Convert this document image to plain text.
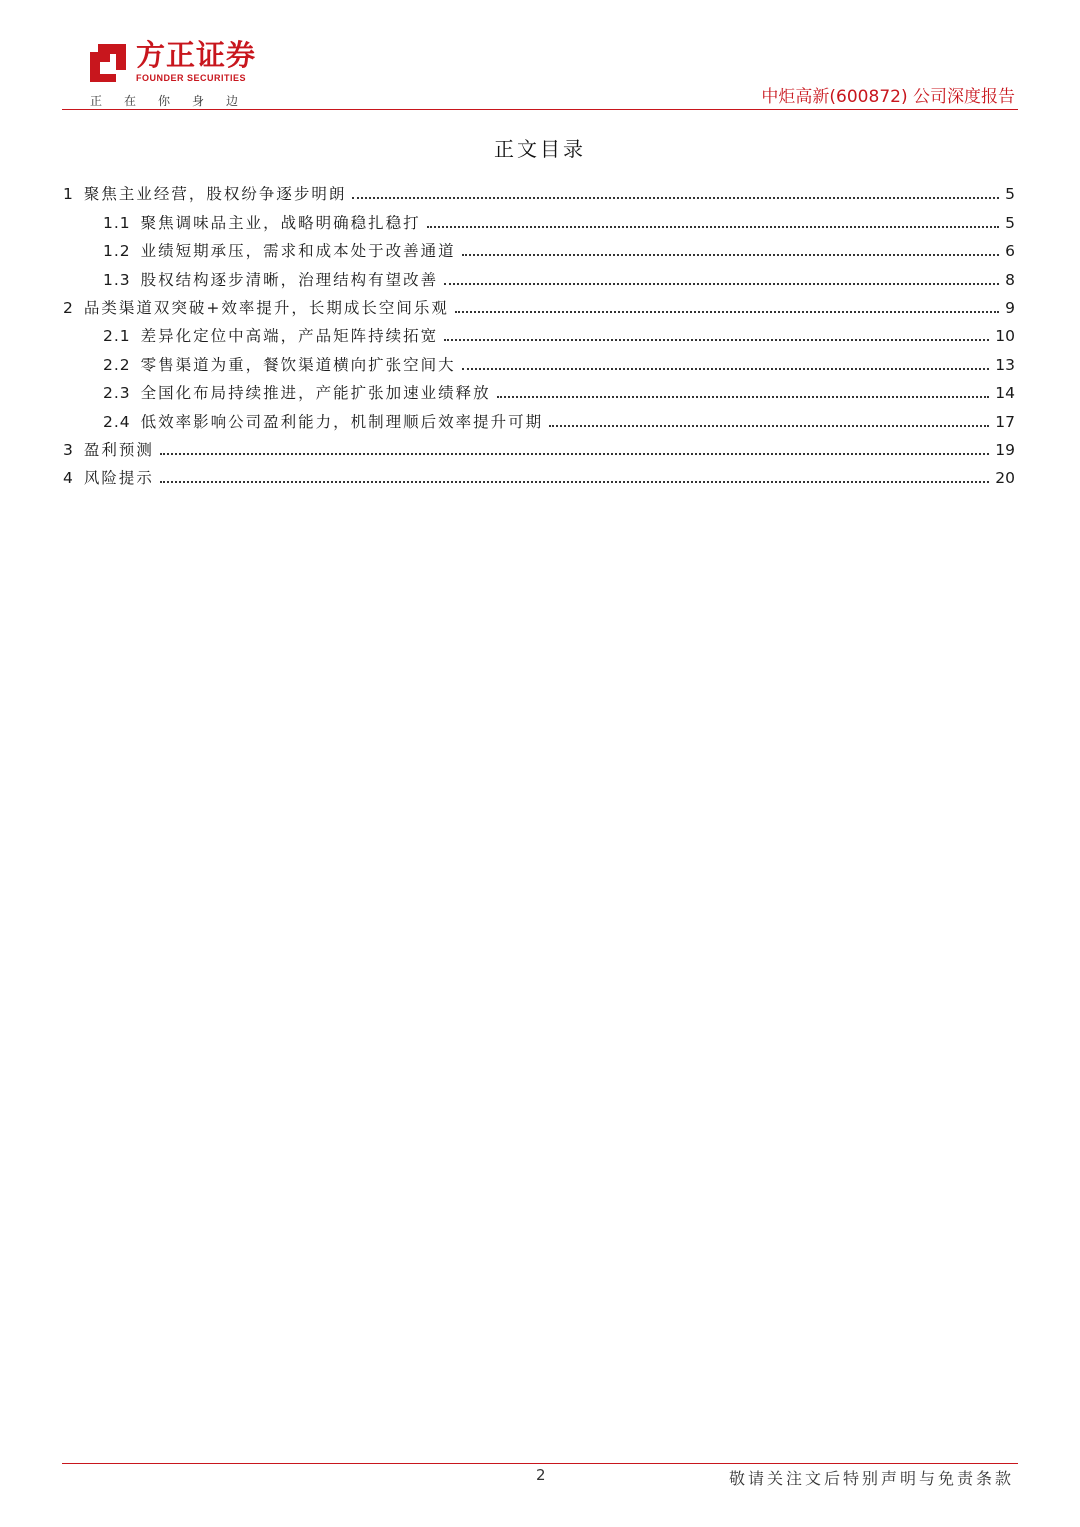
方正证券
FOUNDER SECURITIES
正在你身边	中炬高新(600872) 公司深度报告
正文目录
1 聚焦主业经营，股权纷争逐步明朗	5
1.1 聚焦调味品主业，战略明确稳扎稳打	5
1.2 业绩短期承压，需求和成本处于改善通道	6
1.3 股权结构逐步清晰，治理结构有望改善	8
2 品类渠道双突破+效率提升，长期成长空间乐观	9
2.1 差异化定位中高端，产品矩阵持续拓宽	10
2.2 零售渠道为重，餐饮渠道横向扩张空间大	13
2.3 全国化布局持续推进，产能扩张加速业绩释放	14
2.4 低效率影响公司盈利能力，机制理顺后效率提升可期	17
3 盈利预测	19
4 风险提示	20
2	敬请关注文后特别声明与免责条款
